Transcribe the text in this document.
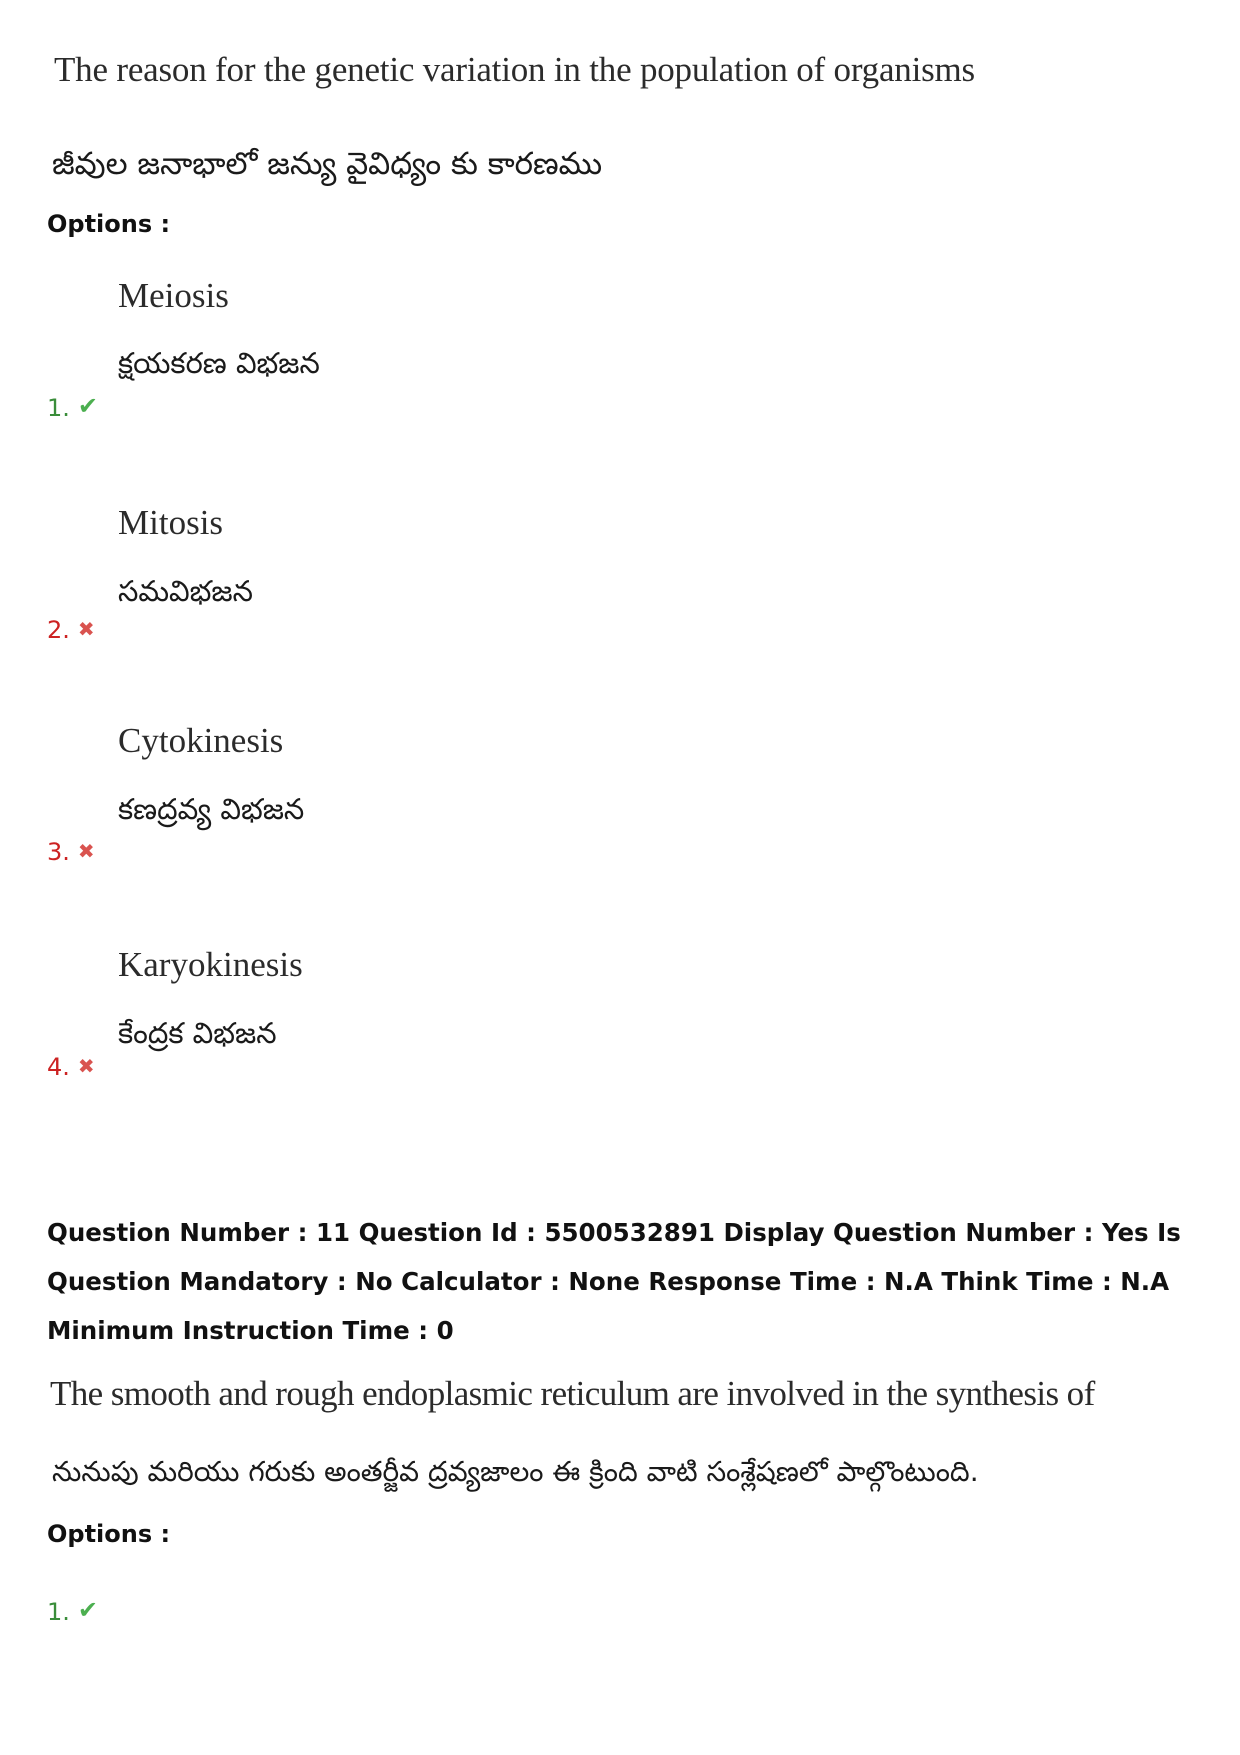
The reason for the genetic variation in the population of organisms
జీవుల జనాభాలో జన్యు వైవిధ్యం కు కారణము
Options :
Meiosis
క్షయకరణ విభజన
1. ✔
Mitosis
సమవిభజన
2. ✖
Cytokinesis
కణద్రవ్య విభజన
3. ✖
Karyokinesis
కేంద్రక విభజన
4. ✖
Question Number : 11 Question Id : 5500532891 Display Question Number : Yes Is Question Mandatory : No Calculator : None Response Time : N.A Think Time : N.A Minimum Instruction Time : 0
The smooth and rough endoplasmic reticulum are involved in the synthesis of
నునుపు మరియు గరుకు అంతర్జీవ ద్రవ్యజాలం ఈ క్రింది వాటి సంశ్లేషణలో పాల్గొంటుంది.
Options :
1. ✔
